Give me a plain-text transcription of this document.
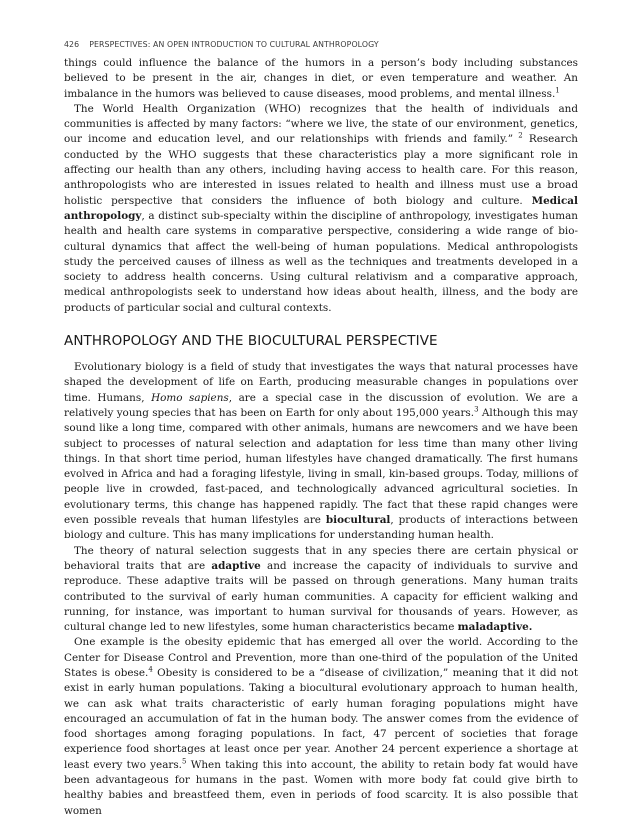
426 PERSPECTIVES: AN OPEN INTRODUCTION TO CULTURAL ANTHROPOLOGY

things could influence the balance of the humors in a person’s body including substances believed to be present in the air, changes in diet, or even temperature and weather. An imbalance in the humors was believed to cause diseases, mood problems, and mental illness.$^1$

The World Health Organization (WHO) recognizes that the health of individuals and communities is affected by many factors: “where we live, the state of our environment, genetics, our income and education level, and our relationships with friends and family.” $^2$ Research conducted by the WHO suggests that these characteristics play a more significant role in affecting our health than any others, including having access to health care. For this reason, anthropologists who are interested in issues related to health and illness must use a broad holistic perspective that considers the influence of both biology and culture. Medical anthropology, a distinct sub-specialty within the discipline of anthropology, investigates human health and health care systems in comparative perspective, considering a wide range of bio-cultural dynamics that affect the well-being of human populations. Medical anthropologists study the perceived causes of illness as well as the techniques and treatments developed in a society to address health concerns. Using cultural relativism and a comparative approach, medical anthropologists seek to understand how ideas about health, illness, and the body are products of particular social and cultural contexts.

ANTHROPOLOGY AND THE BIOCULTURAL PERSPECTIVE

Evolutionary biology is a field of study that investigates the ways that natural processes have shaped the development of life on Earth, producing measurable changes in populations over time. Humans, Homo sapiens, are a special case in the discussion of evolution. We are a relatively young species that has been on Earth for only about 195,000 years.$^3$ Although this may sound like a long time, compared with other animals, humans are newcomers and we have been subject to processes of natural selection and adaptation for less time than many other living things. In that short time period, human lifestyles have changed dramatically. The first humans evolved in Africa and had a foraging lifestyle, living in small, kin-based groups. Today, millions of people live in crowded, fast-paced, and technologically advanced agricultural societies. In evolutionary terms, this change has happened rapidly. The fact that these rapid changes were even possible reveals that human lifestyles are biocultural, products of interactions between biology and culture. This has many implications for understanding human health.

The theory of natural selection suggests that in any species there are certain physical or behavioral traits that are adaptive and increase the capacity of individuals to survive and reproduce. These adaptive traits will be passed on through generations. Many human traits contributed to the survival of early human communities. A capacity for efficient walking and running, for instance, was important to human survival for thousands of years. However, as cultural change led to new lifestyles, some human characteristics became maladaptive.

One example is the obesity epidemic that has emerged all over the world. According to the Center for Disease Control and Prevention, more than one-third of the population of the United States is obese.$^4$ Obesity is considered to be a “disease of civilization,” meaning that it did not exist in early human populations. Taking a biocultural evolutionary approach to human health, we can ask what traits characteristic of early human foraging populations might have encouraged an accumulation of fat in the human body. The answer comes from the evidence of food shortages among foraging populations. In fact, 47 percent of societies that forage experience food shortages at least once per year. Another 24 percent experience a shortage at least every two years.$^5$ When taking this into account, the ability to retain body fat would have been advantageous for humans in the past. Women with more body fat could give birth to healthy babies and breastfeed them, even in periods of food scarcity. It is also possible that women
